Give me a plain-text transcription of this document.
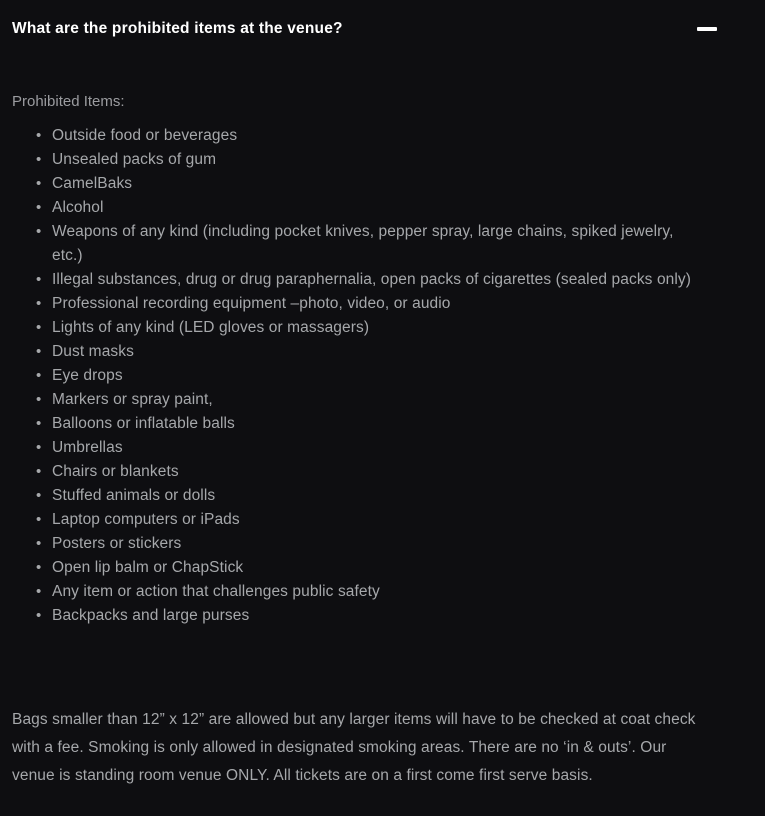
What are the prohibited items at the venue?

Prohibited Items:

• Outside food or beverages
• Unsealed packs of gum
• CamelBaks
• Alcohol
• Weapons of any kind (including pocket knives, pepper spray, large chains, spiked jewelry, etc.)
• Illegal substances, drug or drug paraphernalia, open packs of cigarettes (sealed packs only)
• Professional recording equipment –photo, video, or audio
• Lights of any kind (LED gloves or massagers)
• Dust masks
• Eye drops
• Markers or spray paint,
• Balloons or inflatable balls
• Umbrellas
• Chairs or blankets
• Stuffed animals or dolls
• Laptop computers or iPads
• Posters or stickers
• Open lip balm or ChapStick
• Any item or action that challenges public safety
• Backpacks and large purses

Bags smaller than 12” x 12” are allowed but any larger items will have to be checked at coat check with a fee. Smoking is only allowed in designated smoking areas. There are no ‘in & outs’. Our venue is standing room venue ONLY. All tickets are on a first come first serve basis.
